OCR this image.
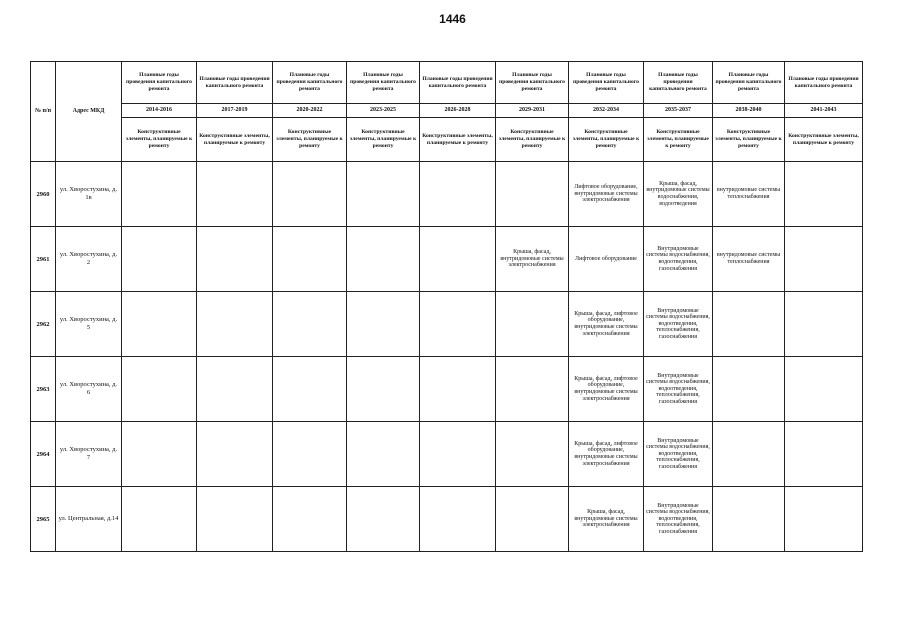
1446
№ п/п	Адрес МКД	Плановые годы проведения капитального ремонта	Плановые годы проведения капитального ремонта	Плановые годы проведения капитального ремонта	Плановые годы проведения капитального ремонта	Плановые годы проведения капитального ремонта	Плановые годы проведения капитального ремонта	Плановые годы проведения капитального ремонта	Плановые годы проведения капитального ремонта	Плановые годы проведения капитального ремонта	Плановые годы проведения капитального ремонта
		2014-2016	2017-2019	2020-2022	2023-2025	2026-2028	2029-2031	2032-2034	2035-2037	2038-2040	2041-2043
		Конструктивные элементы, планируемые к ремонту	Конструктивные элементы, планируемые к ремонту	Конструктивные элементы, планируемые к ремонту	Конструктивные элементы, планируемые к ремонту	Конструктивные элементы, планируемые к ремонту	Конструктивные элементы, планируемые к ремонту	Конструктивные элементы, планируемые к ремонту	Конструктивные элементы, планируемые к ремонту	Конструктивные элементы, планируемые к ремонту	Конструктивные элементы, планируемые к ремонту
2960	ул. Хворостухина, д. 1в							Лифтовое оборудование, внутридомовые системы электроснабжения	Крыша, фасад, внутридомовые системы водоснабжения, водоотведения	внутридомовые системы теплоснабжения	
2961	ул. Хворостухина, д. 2						Крыша, фасад, внутридомовые системы электроснабжения	Лифтовое оборудование	Внутридомовые системы водоснабжения, водоотведения, газоснабжения	внутридомовые системы теплоснабжения	
2962	ул. Хворостухина, д. 5							Крыша, фасад, лифтовое оборудование, внутридомовые системы электроснабжения	Внутридомовые системы водоснабжения, водоотведения, теплоснабжения, газоснабжения		
2963	ул. Хворостухина, д. 6							Крыша, фасад, лифтовое оборудование, внутридомовые системы электроснабжения	Внутридомовые системы водоснабжения, водоотведения, теплоснабжения, газоснабжения		
2964	ул. Хворостухина, д. 7							Крыша, фасад, лифтовое оборудование, внутридомовые системы электроснабжения	Внутридомовые системы водоснабжения, водоотведения, теплоснабжения, газоснабжения		
2965	ул. Центральная, д.14							Крыша, фасад, внутридомовые системы электроснабжения	Внутридомовые системы водоснабжения, водоотведения, теплоснабжения, газоснабжения		
